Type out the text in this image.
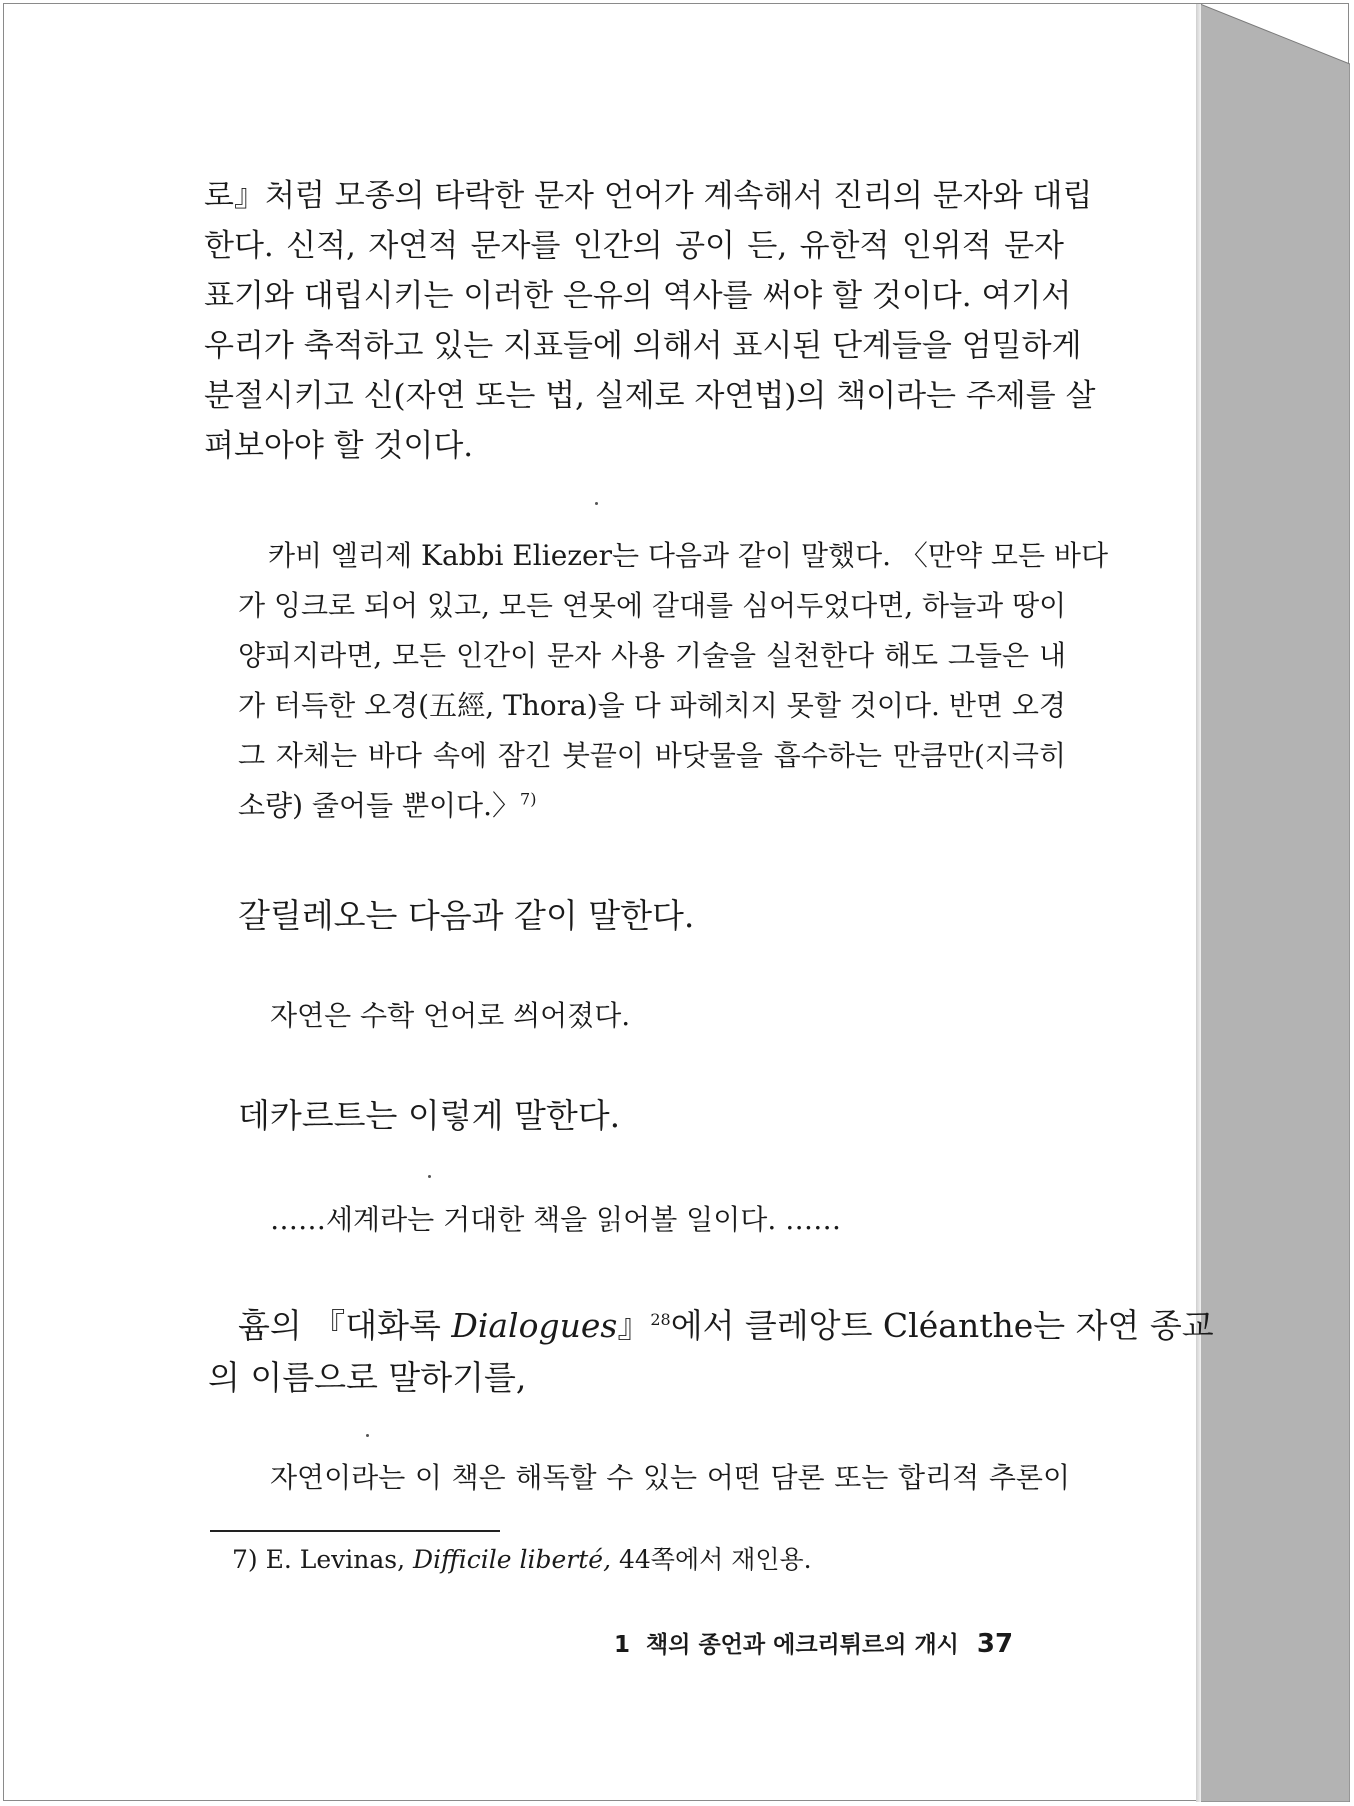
로』처럼 모종의 타락한 문자 언어가 계속해서 진리의 문자와 대립
한다. 신적, 자연적 문자를 인간의 공이 든, 유한적 인위적 문자
표기와 대립시키는 이러한 은유의 역사를 써야 할 것이다. 여기서
우리가 축적하고 있는 지표들에 의해서 표시된 단계들을 엄밀하게
분절시키고 신(자연 또는 법, 실제로 자연법)의 책이라는 주제를 살
펴보아야 할 것이다.
카비 엘리제 Kabbi Eliezer는 다음과 같이 말했다. 〈만약 모든 바다
가 잉크로 되어 있고, 모든 연못에 갈대를 심어두었다면, 하늘과 땅이
양피지라면, 모든 인간이 문자 사용 기술을 실천한다 해도 그들은 내
가 터득한 오경(五經, Thora)을 다 파헤치지 못할 것이다. 반면 오경
그 자체는 바다 속에 잠긴 붓끝이 바닷물을 흡수하는 만큼만(지극히
소량) 줄어들 뿐이다.〉$^{7)}$
갈릴레오는 다음과 같이 말한다.
자연은 수학 언어로 씌어졌다.
데카르트는 이렇게 말한다.
……세계라는 거대한 책을 읽어볼 일이다. ……
흄의 『대화록 Dialogues』$^{28}$에서 클레앙트 Cléanthe는 자연 종교
의 이름으로 말하기를,
자연이라는 이 책은 해독할 수 있는 어떤 담론 또는 합리적 추론이
7) E. Levinas, Difficile liberté, 44쪽에서 재인용.
1  책의 종언과 에크리튀르의 개시 37
